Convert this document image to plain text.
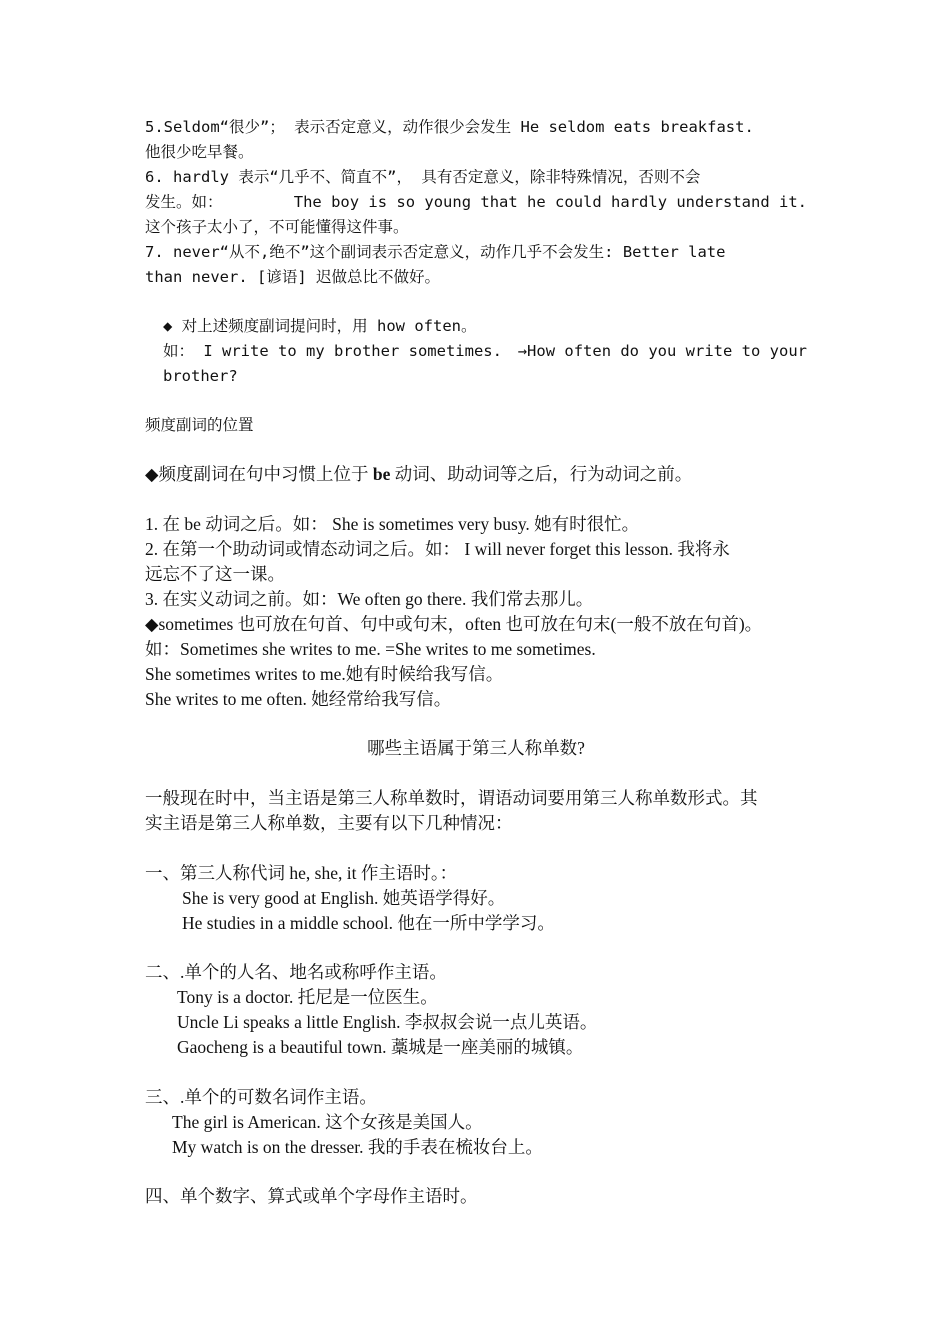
5.Seldom“很少”； 表示否定意义，动作很少会发生 He seldom eats breakfast.
他很少吃早餐。
6. hardly 表示“几乎不、简直不”， 具有否定意义，除非特殊情况，否则不会
发生。如：	The boy is so young that he could hardly understand it.
这个孩子太小了，不可能懂得这件事。
7. never“从不,绝不”这个副词表示否定意义，动作几乎不会发生: Better late
than never. [谚语] 迟做总比不做好。
◆ 对上述频度副词提问时，用 how often。
如： I write to my brother sometimes. →How often do you write to your
brother?
频度副词的位置
◆频度副词在句中习惯上位于 be 动词、助动词等之后，行为动词之前。
1. 在 be 动词之后。如： She is sometimes very busy. 她有时很忙。
2. 在第一个助动词或情态动词之后。如： I will never forget this lesson. 我将永
远忘不了这一课。
3. 在实义动词之前。如：We often go there. 我们常去那儿。
◆sometimes 也可放在句首、句中或句末，often 也可放在句末(一般不放在句首)。
如：Sometimes she writes to me. =She writes to me sometimes.
She sometimes writes to me.她有时候给我写信。
She writes to me often. 她经常给我写信。
哪些主语属于第三人称单数?
一般现在时中，当主语是第三人称单数时，谓语动词要用第三人称单数形式。其
实主语是第三人称单数，主要有以下几种情况：
一、第三人称代词 he, she, it 作主语时。：
She is very good at English. 她英语学得好。
He studies in a middle school. 他在一所中学学习。
二、.单个的人名、地名或称呼作主语。
Tony is a doctor. 托尼是一位医生。
Uncle Li speaks a little English. 李叔叔会说一点儿英语。
Gaocheng is a beautiful town. 藁城是一座美丽的城镇。
三、.单个的可数名词作主语。
The girl is American. 这个女孩是美国人。
My watch is on the dresser. 我的手表在梳妆台上。
四、单个数字、算式或单个字母作主语时。
